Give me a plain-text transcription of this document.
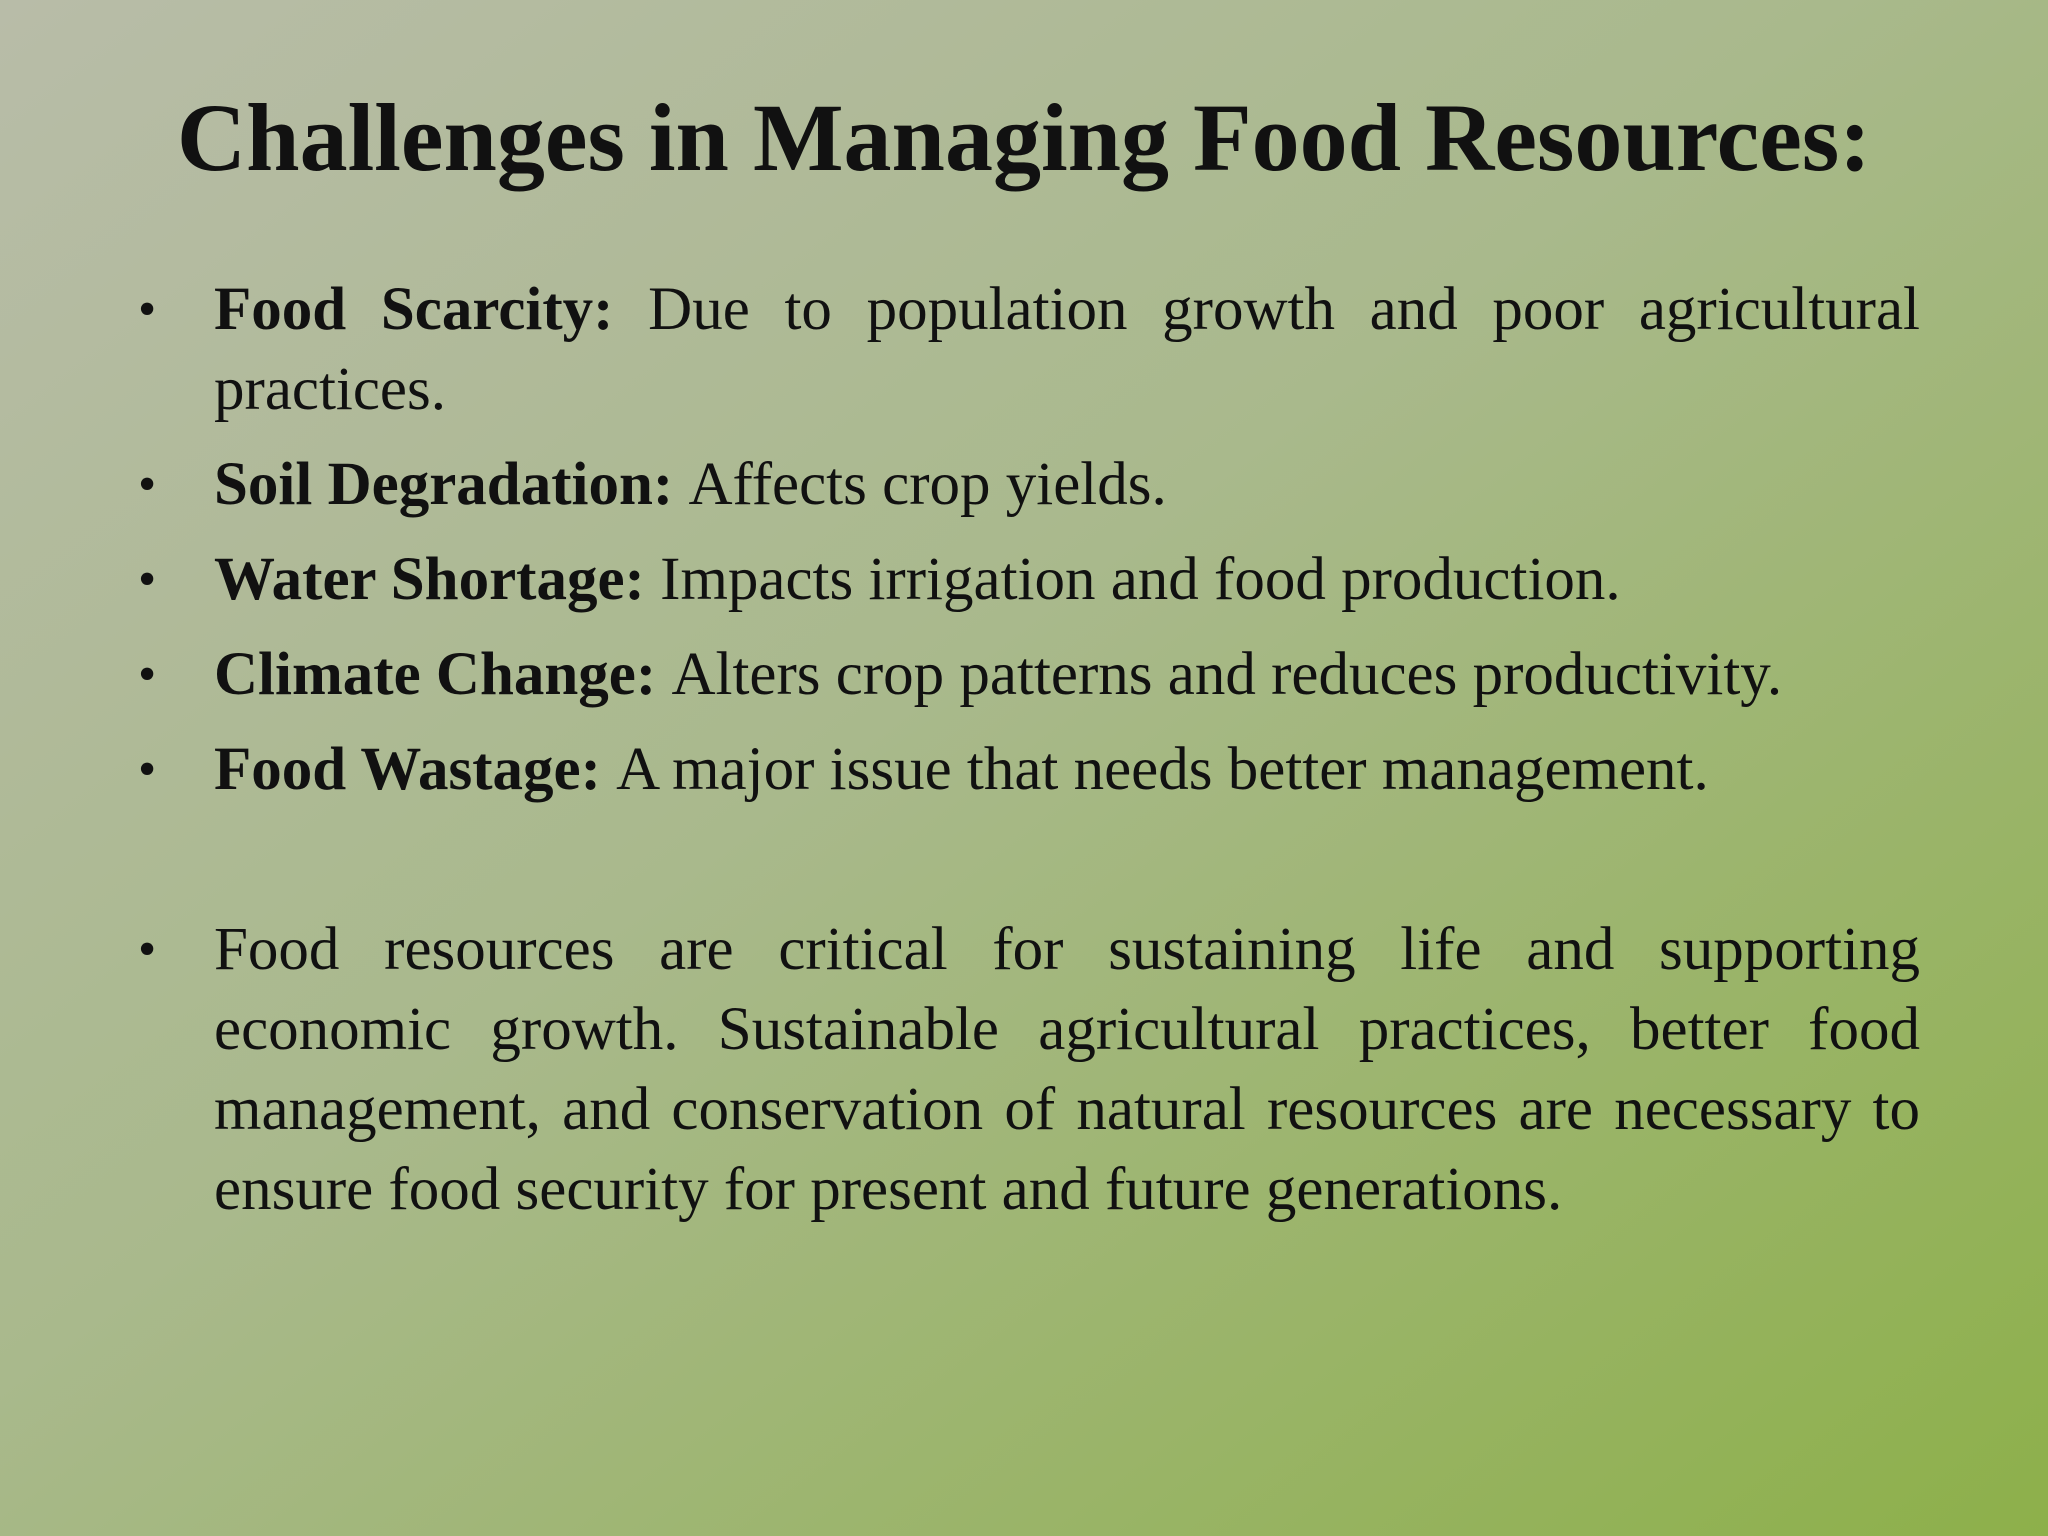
Challenges in Managing Food Resources:
• Food Scarcity: Due to population growth and poor agricultural practices.
• Soil Degradation: Affects crop yields.
• Water Shortage: Impacts irrigation and food production.
• Climate Change: Alters crop patterns and reduces productivity.
• Food Wastage: A major issue that needs better management.
• Food resources are critical for sustaining life and supporting economic growth. Sustainable agricultural practices, better food management, and conservation of natural resources are necessary to ensure food security for present and future generations.
